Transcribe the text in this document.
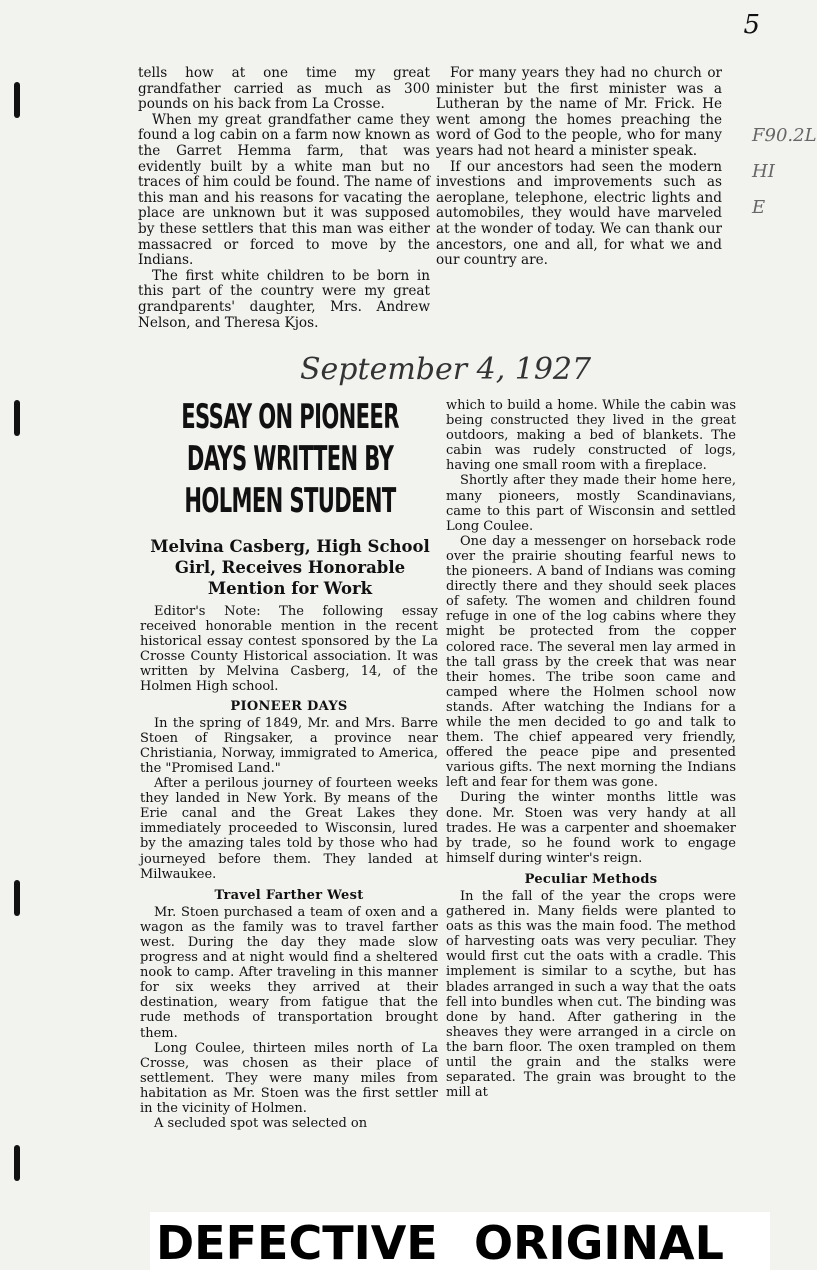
5
F90.2L
HI
E

tells how at one time my great grandfather carried as much as 300 pounds on his back from La Crosse.

When my great grandfather came they found a log cabin on a farm now known as the Garret Hemma farm, that was evidently built by a white man but no traces of him could be found. The name of this man and his reasons for vacating the place are unknown but it was supposed by these settlers that this man was either massacred or forced to move by the Indians.

The first white children to be born in this part of the country were my great grandparents' daughter, Mrs. Andrew Nelson, and Theresa Kjos.

For many years they had no church or minister but the first minister was a Lutheran by the name of Mr. Frick. He went among the homes preaching the word of God to the people, who for many years had not heard a minister speak.

If our ancestors had seen the modern investions and improvements such as aeroplane, telephone, electric lights and automobiles, they would have marveled at the wonder of today. We can thank our ancestors, one and all, for what we and our country are.

September 4, 1927
ESSAY ON PIONEER
DAYS WRITTEN BY
HOLMEN STUDENT
Melvina Casberg, High School
Girl, Receives Honorable
Mention for Work

Editor's Note: The following essay received honorable mention in the recent historical essay contest sponsored by the La Crosse County Historical association. It was written by Melvina Casberg, 14, of the Holmen High school.

PIONEER DAYS

In the spring of 1849, Mr. and Mrs. Barre Stoen of Ringsaker, a province near Christiania, Norway, immigrated to America, the "Promised Land."

After a perilous journey of fourteen weeks they landed in New York. By means of the Erie canal and the Great Lakes they immediately proceeded to Wisconsin, lured by the amazing tales told by those who had journeyed before them. They landed at Milwaukee.

Travel Farther West

Mr. Stoen purchased a team of oxen and a wagon as the family was to travel farther west. During the day they made slow progress and at night would find a sheltered nook to camp. After traveling in this manner for six weeks they arrived at their destination, weary from fatigue that the rude methods of transportation brought them.

Long Coulee, thirteen miles north of La Crosse, was chosen as their place of settlement. They were many miles from habitation as Mr. Stoen was the first settler in the vicinity of Holmen.

A secluded spot was selected on

which to build a home. While the cabin was being constructed they lived in the great outdoors, making a bed of blankets. The cabin was rudely constructed of logs, having one small room with a fireplace.

Shortly after they made their home here, many pioneers, mostly Scandinavians, came to this part of Wisconsin and settled Long Coulee.

One day a messenger on horseback rode over the prairie shouting fearful news to the pioneers. A band of Indians was coming directly there and they should seek places of safety. The women and children found refuge in one of the log cabins where they might be protected from the copper colored race. The several men lay armed in the tall grass by the creek that was near their homes. The tribe soon came and camped where the Holmen school now stands. After watching the Indians for a while the men decided to go and talk to them. The chief appeared very friendly, offered the peace pipe and presented various gifts. The next morning the Indians left and fear for them was gone.

During the winter months little was done. Mr. Stoen was very handy at all trades. He was a carpenter and shoemaker by trade, so he found work to engage himself during winter's reign.

Peculiar Methods

In the fall of the year the crops were gathered in. Many fields were planted to oats as this was the main food. The method of harvesting oats was very peculiar. They would first cut the oats with a cradle. This implement is similar to a scythe, but has blades arranged in such a way that the oats fell into bundles when cut. The binding was done by hand. After gathering in the sheaves they were arranged in a circle on the barn floor. The oxen trampled on them until the grain and the stalks were separated. The grain was brought to the mill at

DEFECTIVE ORIGINAL
